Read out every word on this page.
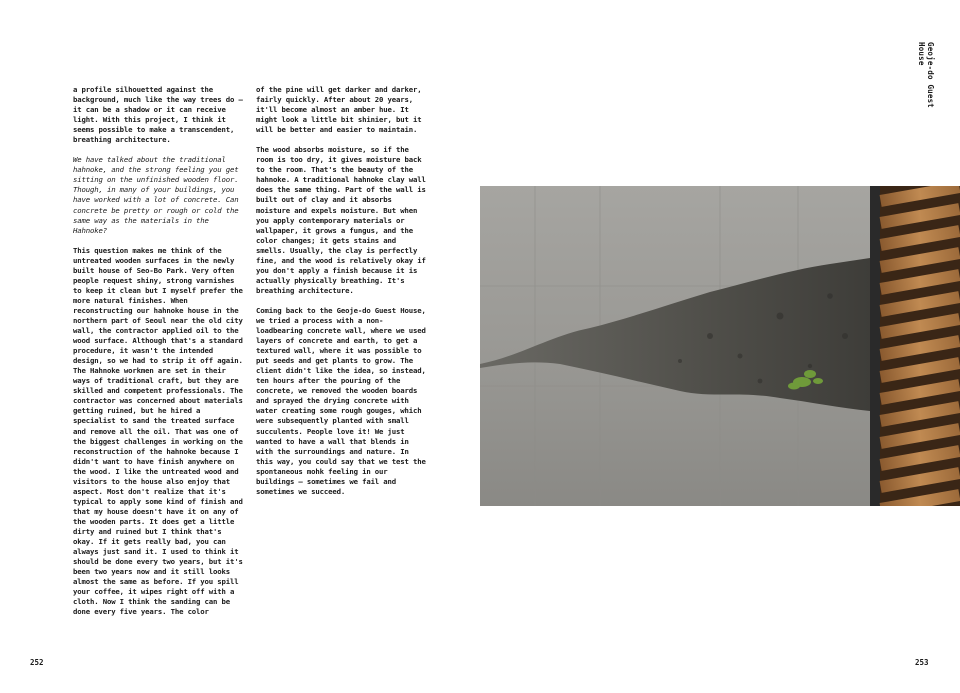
a profile silhouetted against the background, much like the way trees do – it can be a shadow or it can receive light. With this project, I think it seems possible to make a transcendent, breathing architecture.

We have talked about the traditional hahnoke, and the strong feeling you get sitting on the unfinished wooden floor. Though, in many of your buildings, you have worked with a lot of concrete. Can concrete be pretty or rough or cold the same way as the materials in the Hahnoke?

This question makes me think of the untreated wooden surfaces in the newly built house of Seo-Bo Park. Very often people request shiny, strong varnishes to keep it clean but I myself prefer the more natural finishes. When reconstructing our hahnoke house in the northern part of Seoul near the old city wall, the contractor applied oil to the wood surface. Although that's a standard procedure, it wasn't the intended design, so we had to strip it off again. The Hahnoke workmen are set in their ways of traditional craft, but they are skilled and competent professionals. The contractor was concerned about materials getting ruined, but he hired a specialist to sand the treated surface and remove all the oil. That was one of the biggest challenges in working on the reconstruction of the hahnoke because I didn't want to have finish anywhere on the wood. I like the untreated wood and visitors to the house also enjoy that aspect. Most don't realize that it's typical to apply some kind of finish and that my house doesn't have it on any of the wooden parts. It does get a little dirty and ruined but I think that's okay. If it gets really bad, you can always just sand it. I used to think it should be done every two years, but it's been two years now and it still looks almost the same as before. If you spill your coffee, it wipes right off with a cloth. Now I think the sanding can be done every five years. The color

of the pine will get darker and darker, fairly quickly. After about 20 years, it'll become almost an amber hue. It might look a little bit shinier, but it will be better and easier to maintain.

The wood absorbs moisture, so if the room is too dry, it gives moisture back to the room. That's the beauty of the hahnoke. A traditional hahnoke clay wall does the same thing. Part of the wall is built out of clay and it absorbs moisture and expels moisture. But when you apply contemporary materials or wallpaper, it grows a fungus, and the color changes; it gets stains and smells. Usually, the clay is perfectly fine, and the wood is relatively okay if you don't apply a finish because it is actually physically breathing. It's breathing architecture.

Coming back to the Geoje-do Guest House, we tried a process with a non-loadbearing concrete wall, where we used layers of concrete and earth, to get a textured wall, where it was possible to put seeds and get plants to grow. The client didn't like the idea, so instead, ten hours after the pouring of the concrete, we removed the wooden boards and sprayed the drying concrete with water creating some rough gouges, which were subsequently planted with small succulents. People love it! We just wanted to have a wall that blends in with the surroundings and nature. In this way, you could say that we test the spontaneous mohk feeling in our buildings – sometimes we fail and sometimes we succeed.

Geoje-do Guest House
252	253
